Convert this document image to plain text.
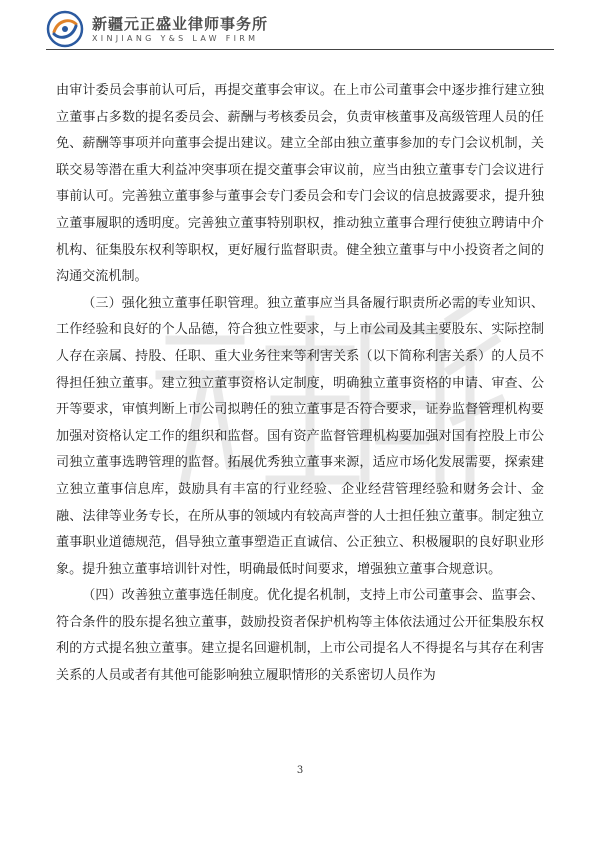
新疆元正盛业律师事务所
XINJIANG Y&S LAW FIRM

由审计委员会事前认可后，再提交董事会审议。在上市公司董事会中逐步推行建立独立董事占多数的提名委员会、薪酬与考核委员会，负责审核董事及高级管理人员的任免、薪酬等事项并向董事会提出建议。建立全部由独立董事参加的专门会议机制，关联交易等潜在重大利益冲突事项在提交董事会审议前，应当由独立董事专门会议进行事前认可。完善独立董事参与董事会专门委员会和专门会议的信息披露要求，提升独立董事履职的透明度。完善独立董事特别职权，推动独立董事合理行使独立聘请中介机构、征集股东权利等职权，更好履行监督职责。健全独立董事与中小投资者之间的沟通交流机制。

（三）强化独立董事任职管理。独立董事应当具备履行职责所必需的专业知识、工作经验和良好的个人品德，符合独立性要求，与上市公司及其主要股东、实际控制人存在亲属、持股、任职、重大业务往来等利害关系（以下简称利害关系）的人员不得担任独立董事。建立独立董事资格认定制度，明确独立董事资格的申请、审查、公开等要求，审慎判断上市公司拟聘任的独立董事是否符合要求，证券监督管理机构要加强对资格认定工作的组织和监督。国有资产监督管理机构要加强对国有控股上市公司独立董事选聘管理的监督。拓展优秀独立董事来源，适应市场化发展需要，探索建立独立董事信息库，鼓励具有丰富的行业经验、企业经营管理经验和财务会计、金融、法律等业务专长，在所从事的领域内有较高声誉的人士担任独立董事。制定独立董事职业道德规范，倡导独立董事塑造正直诚信、公正独立、积极履职的良好职业形象。提升独立董事培训针对性，明确最低时间要求，增强独立董事合规意识。

（四）改善独立董事选任制度。优化提名机制，支持上市公司董事会、监事会、符合条件的股东提名独立董事，鼓励投资者保护机构等主体依法通过公开征集股东权利的方式提名独立董事。建立提名回避机制，上市公司提名人不得提名与其存在利害关系的人员或者有其他可能影响独立履职情形的关系密切人员作为

3
